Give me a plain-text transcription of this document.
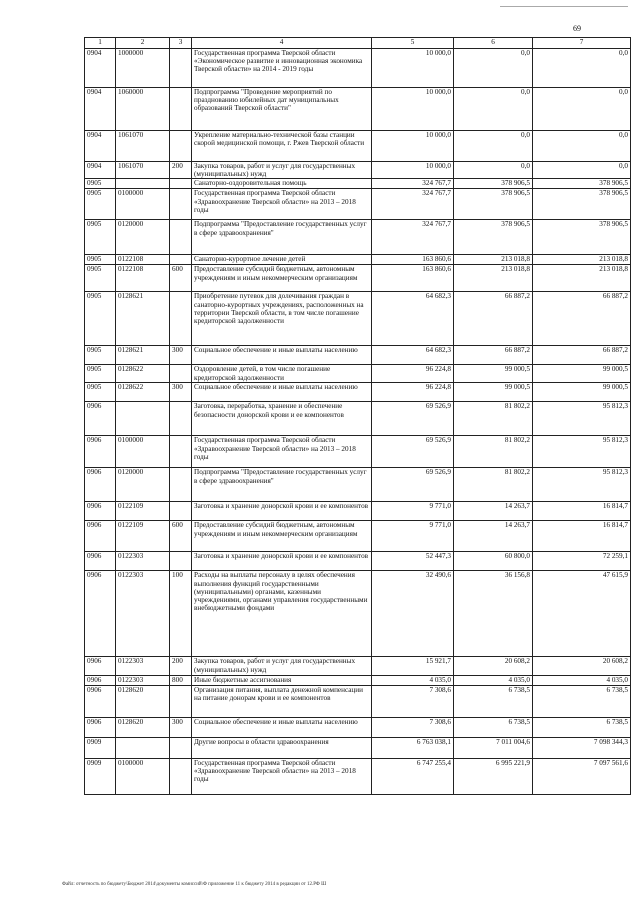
69
1	2	3	4	5	6	7
0904	1000000		Государственная программа Тверской области «Экономическое развитие и инновационная экономика Тверской области» на 2014 - 2019 годы	10 000,0	0,0	0,0
0904	1060000		Подпрограмма "Проведение мероприятий по празднованию юбилейных дат муниципальных образований Тверской области"	10 000,0	0,0	0,0
0904	1061070		Укрепление материально-технической базы станции скорой медицинской помощи, г. Ржев Тверской области	10 000,0	0,0	0,0
0904	1061070	200	Закупка товаров, работ и услуг для государственных (муниципальных) нужд	10 000,0	0,0	0,0
0905			Санаторно-оздоровительная помощь	324 767,7	378 906,5	378 906,5
0905	0100000		Государственная программа Тверской области «Здравоохранение Тверской области» на 2013 – 2018 годы	324 767,7	378 906,5	378 906,5
0905	0120000		Подпрограмма "Предоставление государственных услуг в сфере здравоохранения"	324 767,7	378 906,5	378 906,5
0905	0122108		Санаторно-курортное лечение детей	163 860,6	213 018,8	213 018,8
0905	0122108	600	Предоставление субсидий бюджетным, автономным учреждениям и иным некоммерческим организациям	163 860,6	213 018,8	213 018,8
0905	0128621		Приобретение путевок для долечивания граждан в санаторно-курортных учреждениях, расположенных на территории Тверской области, в том числе погашение кредиторской задолженности	64 682,3	66 887,2	66 887,2
0905	0128621	300	Социальное обеспечение и иные выплаты населению	64 682,3	66 887,2	66 887,2
0905	0128622		Оздоровление детей, в том числе погашение кредиторской задолженности	96 224,8	99 000,5	99 000,5
0905	0128622	300	Социальное обеспечение и иные выплаты населению	96 224,8	99 000,5	99 000,5
0906			Заготовка, переработка, хранение и обеспечение безопасности донорской крови и ее компонентов	69 526,9	81 802,2	95 812,3
0906	0100000		Государственная программа Тверской области «Здравоохранение Тверской области» на 2013 – 2018 годы	69 526,9	81 802,2	95 812,3
0906	0120000		Подпрограмма "Предоставление государственных услуг в сфере здравоохранения"	69 526,9	81 802,2	95 812,3
0906	0122109		Заготовка и хранение донорской крови и ее компонентов	9 771,0	14 263,7	16 814,7
0906	0122109	600	Предоставление субсидий бюджетным, автономным учреждениям и иным некоммерческим организациям	9 771,0	14 263,7	16 814,7
0906	0122303		Заготовка и хранение донорской крови и ее компонентов	52 447,3	60 800,0	72 259,1
0906	0122303	100	Расходы на выплаты персоналу в целях обеспечения выполнения функций государственными (муниципальными) органами, казенными учреждениями, органами управления государственными внебюджетными фондами	32 490,6	36 156,8	47 615,9
0906	0122303	200	Закупка товаров, работ и услуг для государственных (муниципальных) нужд	15 921,7	20 608,2	20 608,2
0906	0122303	800	Иные бюджетные ассигнования	4 035,0	4 035,0	4 035,0
0906	0128620		Организация питания, выплата денежной компенсации на питание донорам крови и ее компонентов	7 308,6	6 738,5	6 738,5
0906	0128620	300	Социальное обеспечение и иные выплаты населению	7 308,6	6 738,5	6 738,5
0909			Другие вопросы в области здравоохранения	6 763 038,1	7 011 004,6	7 098 344,3
0909	0100000		Государственная программа Тверской области «Здравоохранение Тверской области» на 2013 – 2018 годы	6 747 255,4	6 995 221,9	7 097 561,6
Файл: отчетность по бюджету\Бюджет 2014\документы комиссий\Ф приложение 11 к бюджету 2014 в редакции от 12.РФ Ш
